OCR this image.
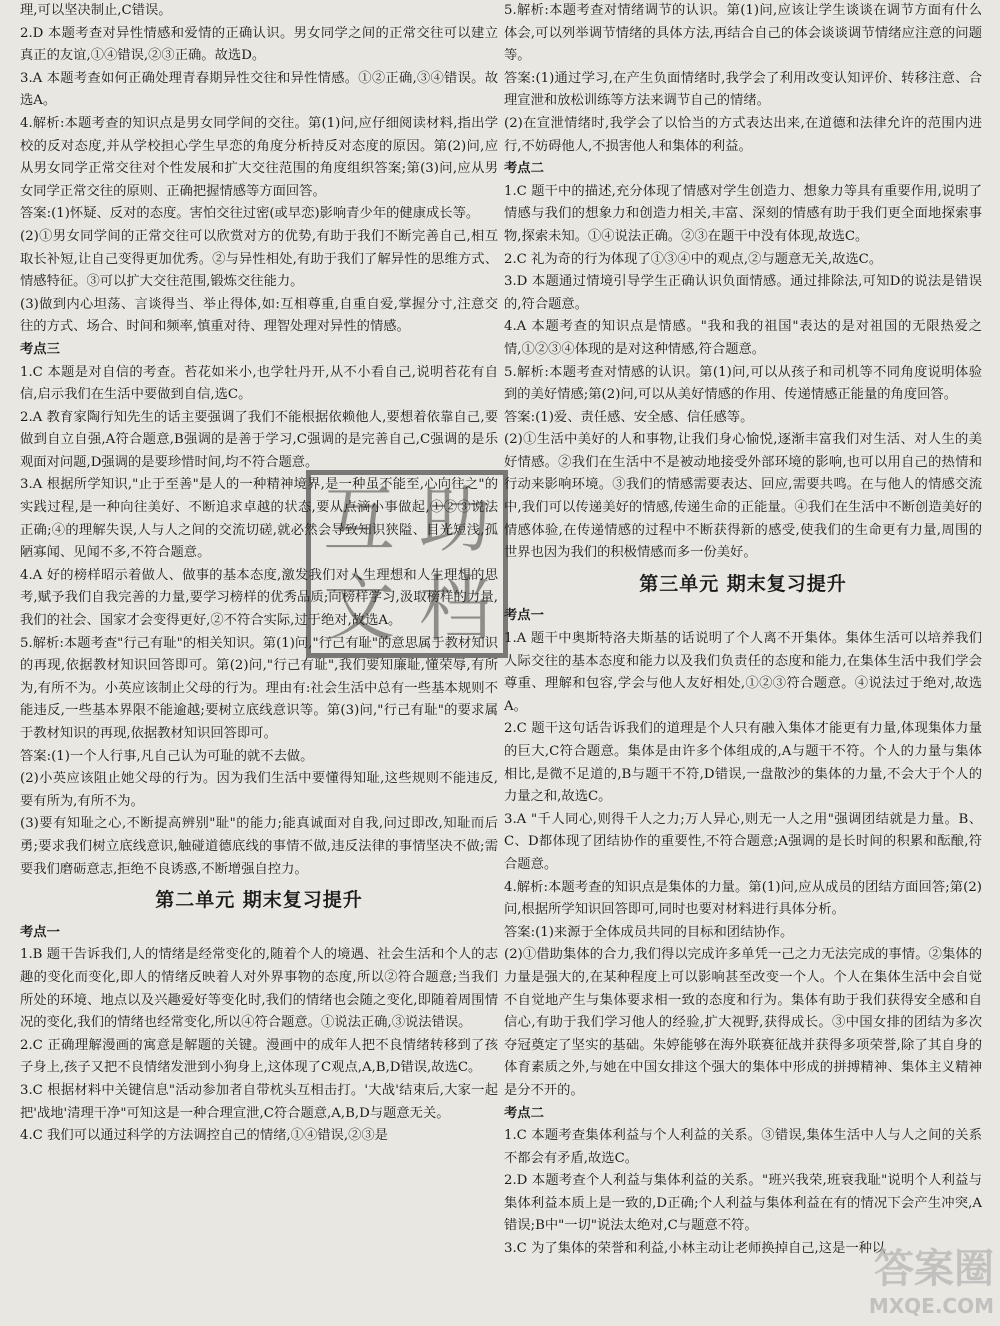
理,可以坚决制止,C错误。

2.D 本题考查对异性情感和爱情的正确认识。男女同学之间的正常交往可以建立真正的友谊,①④错误,②③正确。故选D。

3.A 本题考查如何正确处理青春期异性交往和异性情感。①②正确,③④错误。故选A。

4.解析:本题考查的知识点是男女同学间的交往。第(1)问,应仔细阅读材料,指出学校的反对态度,并从学校担心学生早恋的角度分析持反对态度的原因。第(2)问,应从男女同学正常交往对个性发展和扩大交往范围的角度组织答案;第(3)问,应从男女同学正常交往的原则、正确把握情感等方面回答。

答案:(1)怀疑、反对的态度。害怕交往过密(或早恋)影响青少年的健康成长等。

(2)①男女同学间的正常交往可以欣赏对方的优势,有助于我们不断完善自己,相互取长补短,让自己变得更加优秀。②与异性相处,有助于我们了解异性的思维方式、情感特征。③可以扩大交往范围,锻炼交往能力。

(3)做到内心坦荡、言谈得当、举止得体,如:互相尊重,自重自爱,掌握分寸,注意交往的方式、场合、时间和频率,慎重对待、理智处理对异性的情感。

考点三

1.C 本题是对自信的考查。苔花如米小,也学牡丹开,从不小看自己,说明苔花有自信,启示我们在生活中要做到自信,选C。

2.A 教育家陶行知先生的话主要强调了我们不能根据依赖他人,要想着依靠自己,要做到自立自强,A符合题意,B强调的是善于学习,C强调的是完善自己,C强调的是乐观面对问题,D强调的是要珍惜时间,均不符合题意。

3.A 根据所学知识,"止于至善"是人的一种精神境界,是一种虽不能至,心向往之"的实践过程,是一种向往美好、不断追求卓越的状态,要从点滴小事做起,①②③说法正确;④的理解失误,人与人之间的交流切磋,就必然会导致知识狭隘、目光短浅,孤陋寡闻、见闻不多,不符合题意。

4.A 好的榜样昭示着做人、做事的基本态度,激发我们对人生理想和人生理想的思考,赋予我们自我完善的力量,要学习榜样的优秀品质;向榜样学习,汲取榜样的力量,我们的社会、国家才会变得更好,②不符合实际,过于绝对,故选A。

5.解析:本题考查"行己有耻"的相关知识。第(1)问,"行己有耻"的意思属于教材知识的再现,依据教材知识回答即可。第(2)问,"行己有耻",我们要知廉耻,懂荣辱,有所为,有所不为。小英应该制止父母的行为。理由有:社会生活中总有一些基本规则不能违反,一些基本界限不能逾越;要树立底线意识等。第(3)问,"行己有耻"的要求属于教材知识的再现,依据教材知识回答即可。

答案:(1)一个人行事,凡自己认为可耻的就不去做。

(2)小英应该阻止她父母的行为。因为我们生活中要懂得知耻,这些规则不能违反,要有所为,有所不为。

(3)要有知耻之心,不断提高辨别"耻"的能力;能真诚面对自我,问过即改,知耻而后勇;要求我们树立底线意识,触碰道德底线的事情不做,违反法律的事情坚决不做;需要我们磨砺意志,拒绝不良诱惑,不断增强自控力。

第二单元 期末复习提升

考点一

1.B 题干告诉我们,人的情绪是经常变化的,随着个人的境遇、社会生活和个人的志趣的变化而变化,即人的情绪反映着人对外界事物的态度,所以②符合题意;当我们所处的环境、地点以及兴趣爱好等变化时,我们的情绪也会随之变化,即随着周围情况的变化,我们的情绪也经常变化,所以④符合题意。①说法正确,③说法错误。

2.C 正确理解漫画的寓意是解题的关键。漫画中的成年人把不良情绪转移到了孩子身上,孩子又把不良情绪发泄到小狗身上,这体现了C观点,A,B,D错误,故选C。

3.C 根据材料中关键信息"活动参加者自带枕头互相击打。'大战'结束后,大家一起把'战地'清理干净"可知这是一种合理宣泄,C符合题意,A,B,D与题意无关。

4.C 我们可以通过科学的方法调控自己的情绪,①④错误,②③是

5.解析:本题考查对情绪调节的认识。第(1)问,应该让学生谈谈在调节方面有什么体会,可以列举调节情绪的具体方法,再结合自己的体会谈谈调节情绪应注意的问题等。

答案:(1)通过学习,在产生负面情绪时,我学会了利用改变认知评价、转移注意、合理宣泄和放松训练等方法来调节自己的情绪。

(2)在宣泄情绪时,我学会了以恰当的方式表达出来,在道德和法律允许的范围内进行,不妨碍他人,不损害他人和集体的利益。

考点二

1.C 题干中的描述,充分体现了情感对学生创造力、想象力等具有重要作用,说明了情感与我们的想象力和创造力相关,丰富、深刻的情感有助于我们更全面地探索事物,探索未知。①④说法正确。②③在题干中没有体现,故选C。

2.C 礼为奇的行为体现了①③④中的观点,②与题意无关,故选C。

3.D 本题通过情境引导学生正确认识负面情感。通过排除法,可知D的说法是错误的,符合题意。

4.A 本题考查的知识点是情感。"我和我的祖国"表达的是对祖国的无限热爱之情,①②③④体现的是对这种情感,符合题意。

5.解析:本题考查对情感的认识。第(1)问,可以从孩子和司机等不同角度说明体验到的美好情感;第(2)问,可以从美好情感的作用、传递情感正能量的角度回答。

答案:(1)爱、责任感、安全感、信任感等。

(2)①生活中美好的人和事物,让我们身心愉悦,逐渐丰富我们对生活、对人生的美好情感。②我们在生活中不是被动地接受外部环境的影响,也可以用自己的热情和行动来影响环境。③我们的情感需要表达、回应,需要共鸣。在与他人的情感交流中,我们可以传递美好的情感,传递生命的正能量。④我们在生活中不断创造美好的情感体验,在传递情感的过程中不断获得新的感受,使我们的生命更有力量,周围的世界也因为我们的积极情感而多一份美好。

第三单元 期末复习提升

考点一

1.A 题干中奥斯特洛夫斯基的话说明了个人离不开集体。集体生活可以培养我们人际交往的基本态度和能力以及我们负责任的态度和能力,在集体生活中我们学会尊重、理解和包容,学会与他人友好相处,①②③符合题意。④说法过于绝对,故选A。

2.C 题干这句话告诉我们的道理是个人只有融入集体才能更有力量,体现集体力量的巨大,C符合题意。集体是由许多个体组成的,A与题干不符。个人的力量与集体相比,是微不足道的,B与题干不符,D错误,一盘散沙的集体的力量,不会大于个人的力量之和,故选C。

3.A "千人同心,则得千人之力;万人异心,则无一人之用"强调团结就是力量。B、C、D都体现了团结协作的重要性,不符合题意;A强调的是长时间的积累和酝酿,符合题意。

4.解析:本题考查的知识点是集体的力量。第(1)问,应从成员的团结方面回答;第(2)问,根据所学知识回答即可,同时也要对材料进行具体分析。

答案:(1)来源于全体成员共同的目标和团结协作。

(2)①借助集体的合力,我们得以完成许多单凭一己之力无法完成的事情。②集体的力量是强大的,在某种程度上可以影响甚至改变一个人。个人在集体生活中会自觉不自觉地产生与集体要求相一致的态度和行为。集体有助于我们获得安全感和自信心,有助于我们学习他人的经验,扩大视野,获得成长。③中国女排的团结为多次夺冠奠定了坚实的基础。朱婷能够在海外联赛征战并获得多项荣誉,除了其自身的体育素质之外,与她在中国女排这个强大的集体中形成的拼搏精神、集体主义精神是分不开的。

考点二

1.C 本题考查集体利益与个人利益的关系。③错误,集体生活中人与人之间的关系不都会有矛盾,故选C。

2.D 本题考查个人利益与集体利益的关系。"班兴我荣,班衰我耻"说明个人利益与集体利益本质上是一致的,D正确;个人利益与集体利益在有的情况下会产生冲突,A错误;B中"一切"说法太绝对,C与题意不符。

3.C 为了集体的荣誉和利益,小林主动让老师换掉自己,这是一种以

互 助
文 档
答案圈
MXQE.COM
